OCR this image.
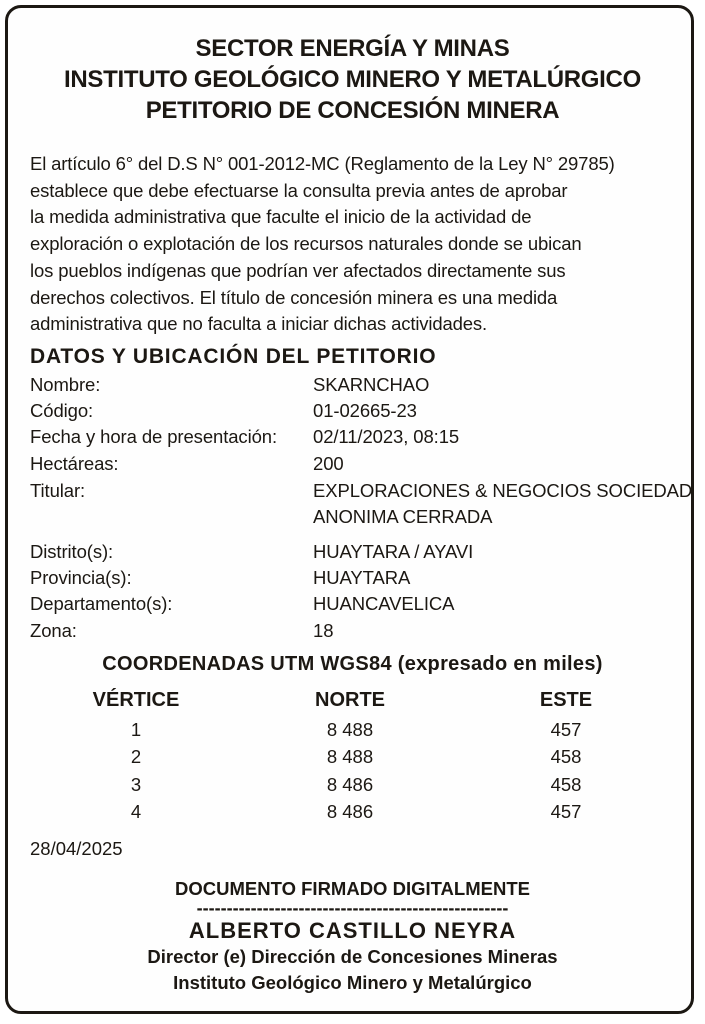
SECTOR ENERGÍA Y MINAS
INSTITUTO GEOLÓGICO MINERO Y METALÚRGICO
PETITORIO DE CONCESIÓN MINERA
El artículo 6° del D.S N° 001-2012-MC (Reglamento de la Ley N° 29785)
establece que debe efectuarse la consulta previa antes de aprobar
la medida administrativa que faculte el inicio de la actividad de
exploración o explotación de los recursos naturales donde se ubican
los pueblos indígenas que podrían ver afectados directamente sus
derechos colectivos. El título de concesión minera es una medida
administrativa que no faculta a iniciar dichas actividades.
DATOS Y UBICACIÓN DEL PETITORIO
Nombre:	SKARNCHAO
Código:	01-02665-23
Fecha y hora de presentación: 02/11/2023, 08:15
Hectáreas:	200
Titular:	EXPLORACIONES & NEGOCIOS SOCIEDAD
ANONIMA CERRADA
Distrito(s):	HUAYTARA / AYAVI
Provincia(s):	HUAYTARA
Departamento(s):	HUANCAVELICA
Zona:	18
COORDENADAS UTM WGS84 (expresado en miles)
VÉRTICE	NORTE	ESTE
1	8 488	457
2	8 488	458
3	8 486	458
4	8 486	457
28/04/2025
DOCUMENTO FIRMADO DIGITALMENTE
----------------------------------------------------
ALBERTO CASTILLO NEYRA
Director (e) Dirección de Concesiones Mineras
Instituto Geológico Minero y Metalúrgico
